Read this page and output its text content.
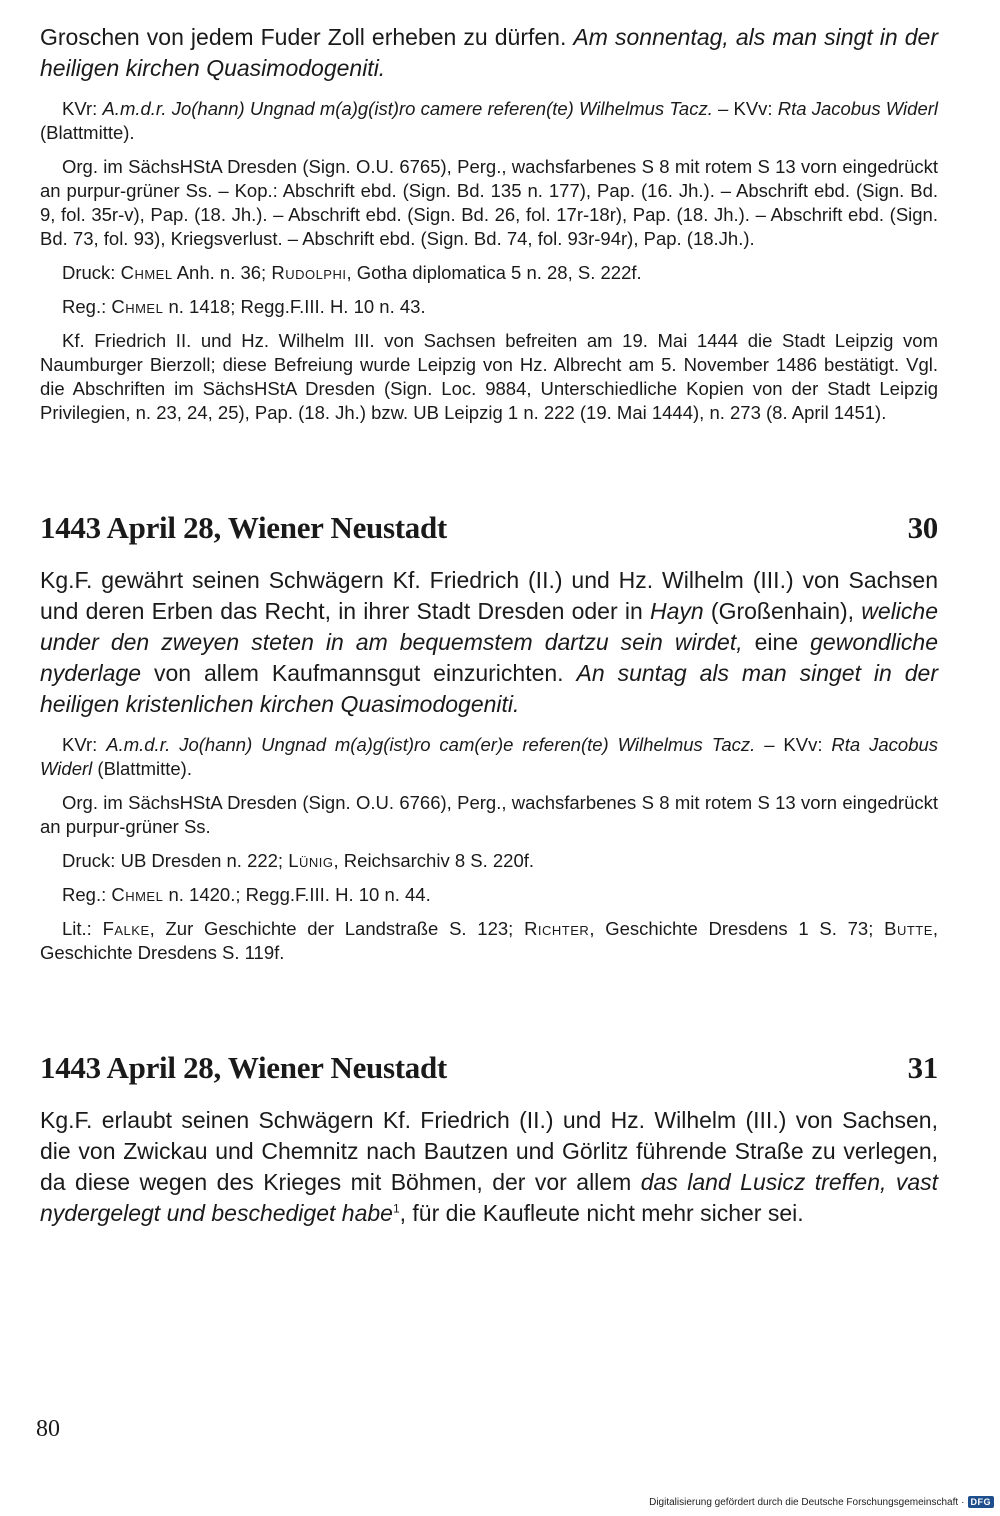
Groschen von jedem Fuder Zoll erheben zu dürfen. Am sonnentag, als man singt in der heiligen kirchen Quasimodogeniti.

KVr: A.m.d.r. Jo(hann) Ungnad m(a)g(ist)ro camere referen(te) Wilhelmus Tacz. – KVv: Rta Jacobus Widerl (Blattmitte).

Org. im SächsHStA Dresden (Sign. O.U. 6765), Perg., wachsfarbenes S 8 mit rotem S 13 vorn eingedrückt an purpur-grüner Ss. – Kop.: Abschrift ebd. (Sign. Bd. 135 n. 177), Pap. (16. Jh.). – Abschrift ebd. (Sign. Bd. 9, fol. 35r-v), Pap. (18. Jh.). – Abschrift ebd. (Sign. Bd. 26, fol. 17r-18r), Pap. (18. Jh.). – Abschrift ebd. (Sign. Bd. 73, fol. 93), Kriegsverlust. – Abschrift ebd. (Sign. Bd. 74, fol. 93r-94r), Pap. (18.Jh.).

Druck: Chmel Anh. n. 36; Rudolphi, Gotha diplomatica 5 n. 28, S. 222f.

Reg.: Chmel n. 1418; Regg.F.III. H. 10 n. 43.

Kf. Friedrich II. und Hz. Wilhelm III. von Sachsen befreiten am 19. Mai 1444 die Stadt Leipzig vom Naumburger Bierzoll; diese Befreiung wurde Leipzig von Hz. Albrecht am 5. November 1486 bestätigt. Vgl. die Abschriften im SächsHStA Dresden (Sign. Loc. 9884, Unterschiedliche Kopien von der Stadt Leipzig Privilegien, n. 23, 24, 25), Pap. (18. Jh.) bzw. UB Leipzig 1 n. 222 (19. Mai 1444), n. 273 (8. April 1451).

1443 April 28, Wiener Neustadt	30

Kg.F. gewährt seinen Schwägern Kf. Friedrich (II.) und Hz. Wilhelm (III.) von Sachsen und deren Erben das Recht, in ihrer Stadt Dresden oder in Hayn (Großenhain), weliche under den zweyen steten in am bequemstem dartzu sein wirdet, eine gewondliche nyderlage von allem Kaufmannsgut einzurichten. An suntag als man singet in der heiligen kristenlichen kirchen Quasimodogeniti.

KVr: A.m.d.r. Jo(hann) Ungnad m(a)g(ist)ro cam(er)e referen(te) Wilhelmus Tacz. – KVv: Rta Jacobus Widerl (Blattmitte).

Org. im SächsHStA Dresden (Sign. O.U. 6766), Perg., wachsfarbenes S 8 mit rotem S 13 vorn eingedrückt an purpur-grüner Ss.

Druck: UB Dresden n. 222; Lünig, Reichsarchiv 8 S. 220f.

Reg.: Chmel n. 1420.; Regg.F.III. H. 10 n. 44.

Lit.: Falke, Zur Geschichte der Landstraße S. 123; Richter, Geschichte Dresdens 1 S. 73; Butte, Geschichte Dresdens S. 119f.

1443 April 28, Wiener Neustadt	31

Kg.F. erlaubt seinen Schwägern Kf. Friedrich (II.) und Hz. Wilhelm (III.) von Sachsen, die von Zwickau und Chemnitz nach Bautzen und Görlitz führende Straße zu verlegen, da diese wegen des Krieges mit Böhmen, der vor allem das land Lusicz treffen, vast nydergelegt und beschediget habe$^1$, für die Kaufleute nicht mehr sicher sei.

80
Digitalisierung gefördert durch die Deutsche Forschungsgemeinschaft · DFG
